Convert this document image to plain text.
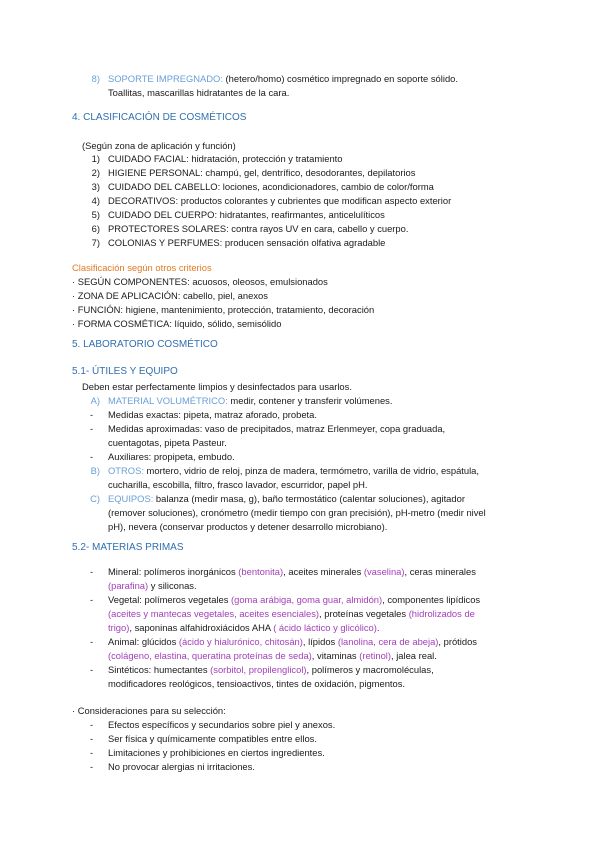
8) SOPORTE IMPREGNADO: (hetero/homo) cosmético impregnado en soporte sólido.
Toallitas, mascarillas hidratantes de la cara.
4. CLASIFICACIÓN DE COSMÉTICOS
(Según zona de aplicación y función)
1) CUIDADO FACIAL: hidratación, protección y tratamiento
2) HIGIENE PERSONAL: champú, gel, dentrífico, desodorantes, depilatorios
3) CUIDADO DEL CABELLO: lociones, acondicionadores, cambio de color/forma
4) DECORATIVOS: productos colorantes y cubrientes que modifican aspecto exterior
5) CUIDADO DEL CUERPO: hidratantes, reafirmantes, anticelulíticos
6) PROTECTORES SOLARES: contra rayos UV en cara, cabello y cuerpo.
7) COLONIAS Y PERFUMES: producen sensación olfativa agradable
Clasificación según otros criterios
· SEGÚN COMPONENTES: acuosos, oleosos, emulsionados
· ZONA DE APLICACIÓN: cabello, piel, anexos
· FUNCIÓN: higiene, mantenimiento, protección, tratamiento, decoración
· FORMA COSMÉTICA: líquido, sólido, semisólido
5. LABORATORIO COSMÉTICO
5.1- ÚTILES Y EQUIPO
Deben estar perfectamente limpios y desinfectados para usarlos.
A) MATERIAL VOLUMÉTRICO: medir, contener y transferir volúmenes.
- Medidas exactas: pipeta, matraz aforado, probeta.
- Medidas aproximadas: vaso de precipitados, matraz Erlenmeyer, copa graduada,
cuentagotas, pipeta Pasteur.
- Auxiliares: propipeta, embudo.
B) OTROS: mortero, vidrio de reloj, pinza de madera, termómetro, varilla de vidrio, espátula,
cucharilla, escobilla, filtro, frasco lavador, escurridor, papel pH.
C) EQUIPOS: balanza (medir masa, g), baño termostático (calentar soluciones), agitador
(remover soluciones), cronómetro (medir tiempo con gran precisión), pH-metro (medir nivel
pH), nevera (conservar productos y detener desarrollo microbiano).
5.2- MATERIAS PRIMAS
- Mineral: polímeros inorgánicos (bentonita), aceites minerales (vaselina), ceras minerales
(parafina) y siliconas.
- Vegetal: polímeros vegetales (goma arábiga, goma guar, almidón), componentes lipídicos
(aceites y mantecas vegetales, aceites esenciales), proteínas vegetales (hidrolizados de
trigo), saponinas alfahidroxiácidos AHA ( ácido láctico y glicólico).
- Animal: glúcidos (ácido y hialurónico, chitosán), lípidos (lanolina, cera de abeja), prótidos
(colágeno, elastina, queratina proteínas de seda), vitaminas (retinol), jalea real.
- Sintéticos: humectantes (sorbitol, propilenglicol), polímeros y macromoléculas,
modificadores reológicos, tensioactivos, tintes de oxidación, pigmentos.
· Consideraciones para su selección:
- Efectos específicos y secundarios sobre piel y anexos.
- Ser física y químicamente compatibles entre ellos.
- Limitaciones y prohibiciones en ciertos ingredientes.
- No provocar alergias ni irritaciones.
